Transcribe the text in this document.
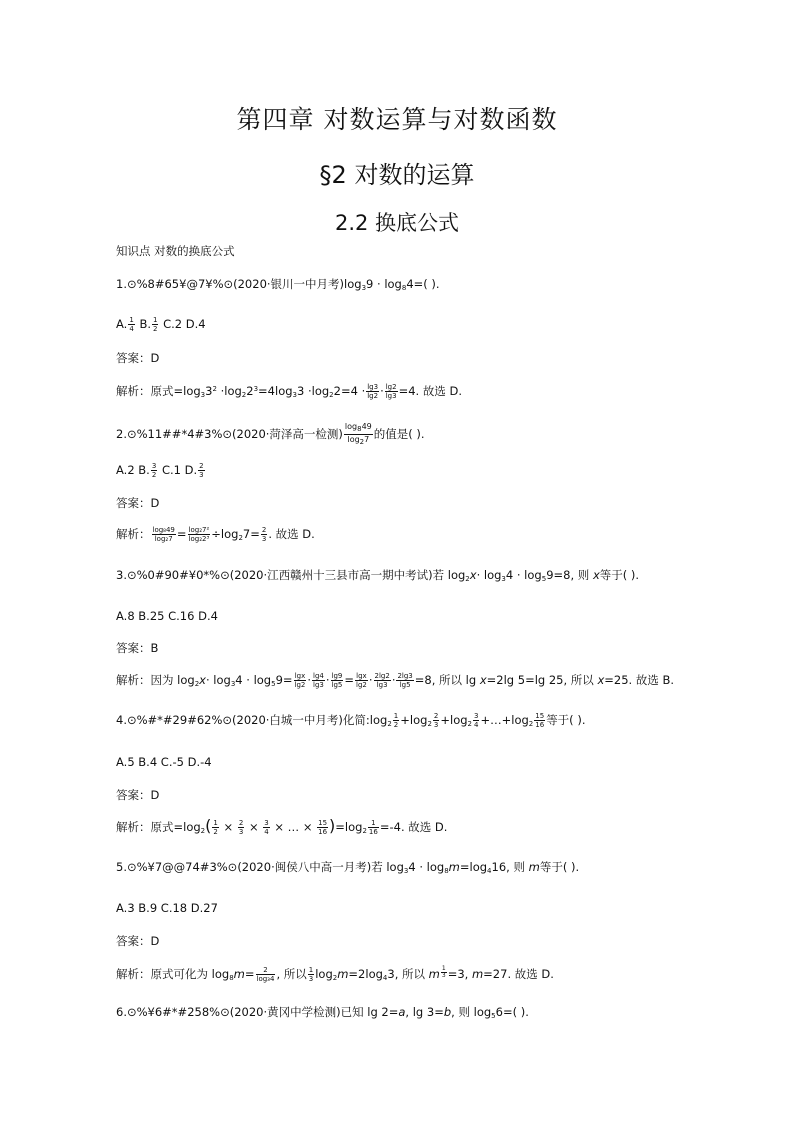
第四章 对数运算与对数函数
§2 对数的运算
2.2 换底公式
知识点 对数的换底公式
1.⊙%8#65¥@7¥%⊙(2020·银川一中月考)$\log_39 \cdot \log_84=$( ).
A. $\frac{1}{4} B$. $\frac{1}{2} C.2$ D.4
答案：D
解析：原式$=\log_33^2 \cdot\log_22^3=4\log_33 \cdot\log_22=4 \cdot \frac{\lg 3}{\lg 2} \cdot \frac{\lg 2}{\lg 3} =4$. 故选 D.
2.⊙%11##*4#3%⊙(2020·菏泽高一检测) $\frac{\log_849}{\log_27}$ 的值是( ).
A.2 B. $\frac{3}{2} C.1$ D. $\frac{2}{3}$
答案：D
解析： $\frac{\text{log₈49}}{\text{log₂7}} = \frac{\text{log₂7²}}{\text{log₂2³}} \div\log_27= \frac{2}{3}$ . 故选 D.
3.⊙%0#90#¥0*%⊙(2020·江西赣州十三县市高一期中考试)若 $\log_2x\cdot \log_34 \cdot \log_59=8$, 则 x等于( ).
A.8 B.25 C.16 D.4
答案：B
解析：因为 $\log_2x\cdot \log_34 \cdot \log_59= \frac{\lg x}{\lg 2} \cdot \frac{\lg 4}{\lg 3} \cdot \frac{\lg 9}{\lg 5} = \frac{\lg x}{\lg 2} \cdot \frac{2\lg 2}{\lg 3} \cdot \frac{2\lg 3}{\lg 5} =8$, 所以 lg x=2lg 5=lg 25, 所以 x=25. 故选 B.
4.⊙%#*#29#62%⊙(2020·白城一中月考)化简$:\log_2 \frac{1}{2} +\log_2 \frac{2}{3} +\log_2 \frac{3}{4}$ $+\dots+\log_2 \frac{15}{16}$ 等于( ).
A.5 B.4 C.-5 D.-4
答案：D
解析：原式$=\log_2( \frac{1}{2} \times \frac{2}{3} \times \frac{3}{4}$ × … × $\frac{15}{16} )=\log_2 \frac{1}{16} =-4$. 故选 D.
5.⊙%¥7@@74#3%⊙(2020·闽侯八中高一月考)若 $\log_34 \cdot \log_8m=\log_416$, 则 m等于( ).
A.3 B.9 C.18 D.27
答案：D
解析：原式可化为 $\log_8m= \frac{2}{\text{log₃4}}$ , 所以 $\frac{1}{3} \log_2m=2\log_43$, 所以 m $^{\frac{1}{3}}$ =3, m=27. 故选 D.
6.⊙%¥6#*#258%⊙(2020·黄冈中学检测)已知 lg 2=a, lg 3=b, 则 $\log_56=$( ).
